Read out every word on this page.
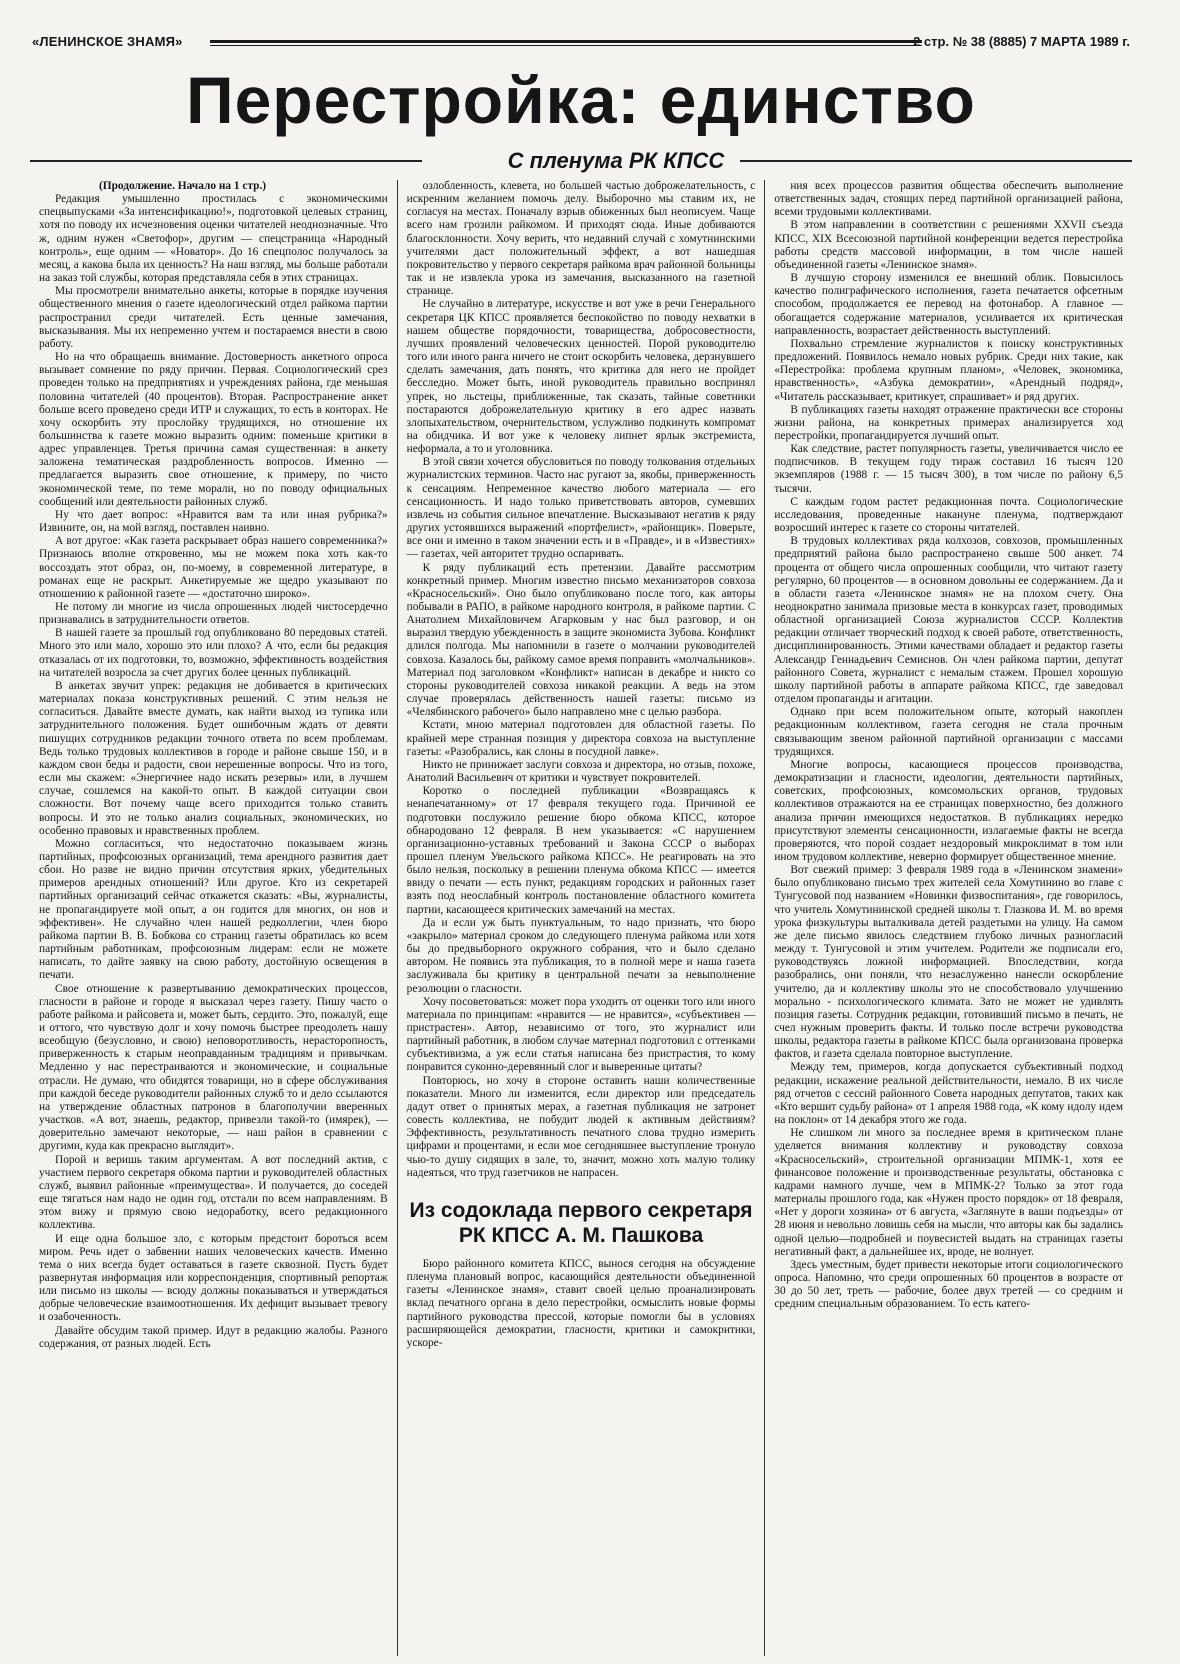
«ЛЕНИНСКОЕ ЗНАМЯ»	2 стр. № 38 (8885) 7 МАРТА 1989 г.
Перестройка: единство
С пленума РК КПСС

(Продолжение. Начало на 1 стр.)

Редакция умышленно простилась с экономическими спецвыпусками «За интенсификацию!», подготовкой целевых страниц, хотя по поводу их исчезновения оценки читателей неоднозначные. Что ж, одним нужен «Светофор», другим — спецстраница «Народный контроль», еще одним — «Новатор». До 16 спецполос получалось за месяц, а какова была их ценность? На наш взгляд, мы больше работали на заказ той службы, которая представляла себя в этих страницах.

Мы просмотрели внимательно анкеты, которые в порядке изучения общественного мнения о газете идеологический отдел райкома партии распространил среди читателей. Есть ценные замечания, высказывания. Мы их непременно учтем и постараемся внести в свою работу.

Но на что обращаешь внимание. Достоверность анкетного опроса вызывает сомнение по ряду причин. Первая. Социологический срез проведен только на предприятиях и учреждениях района, где меньшая половина читателей (40 процентов). Вторая. Распространение анкет больше всего проведено среди ИТР и служащих, то есть в конторах. Не хочу оскорбить эту прослойку трудящихся, но отношение их большинства к газете можно выразить одним: поменьше критики в адрес управленцев. Третья причина самая существенная: в анкету заложена тематическая раздробленность вопросов. Именно — предлагается выразить свое отношение, к примеру, по чисто экономической теме, по теме морали, но по поводу официальных сообщений или деятельности районных служб.

Ну что дает вопрос: «Нравится вам та или иная рубрика?» Извините, он, на мой взгляд, поставлен наивно.

А вот другое: «Как газета раскрывает образ нашего современника?» Признаюсь вполне откровенно, мы не можем пока хоть как-то воссоздать этот образ, он, по-моему, в современной литературе, в романах еще не раскрыт. Анкетируемые же щедро указывают по отношению к районной газете — «достаточно широко».

Не потому ли многие из числа опрошенных людей чистосердечно признавались в затруднительности ответов.

В нашей газете за прошлый год опубликовано 80 передовых статей. Много это или мало, хорошо это или плохо? А что, если бы редакция отказалась от их подготовки, то, возможно, эффективность воздействия на читателей возросла за счет других более ценных публикаций.

В анкетах звучит упрек: редакция не добивается в критических материалах показа конструктивных решений. С этим нельзя не согласиться. Давайте вместе думать, как найти выход из тупика или затруднительного положения. Будет ошибочным ждать от девяти пишущих сотрудников редакции точного ответа по всем проблемам. Ведь только трудовых коллективов в городе и районе свыше 150, и в каждом свои беды и радости, свои нерешенные вопросы. Что из того, если мы скажем: «Энергичнее надо искать резервы» или, в лучшем случае, сошлемся на какой-то опыт. В каждой ситуации свои сложности. Вот почему чаще всего приходится только ставить вопросы. И это не только анализ социальных, экономических, но особенно правовых и нравственных проблем.

Можно согласиться, что недостаточно показываем жизнь партийных, профсоюзных организаций, тема арендного развития дает сбои. Но разве не видно причин отсутствия ярких, убедительных примеров арендных отношений? Или другое. Кто из секретарей партийных организаций сейчас откажется сказать: «Вы, журналисты, не пропагандируете мой опыт, а он годится для многих, он нов и эффективен». Не случайно член нашей редколлегии, член бюро райкома партии В. В. Бобкова со страниц газеты обратилась ко всем партийным работникам, профсоюзным лидерам: если не можете написать, то дайте заявку на свою работу, достойную освещения в печати.

Свое отношение к развертыванию демократических процессов, гласности в районе и городе я высказал через газету. Пишу часто о работе райкома и райсовета и, может быть, сердито. Это, пожалуй, еще и оттого, что чувствую долг и хочу помочь быстрее преодолеть нашу всеобщую (безусловно, и свою) неповоротливость, нерасторопность, приверженность к старым неоправданным традициям и привычкам. Медленно у нас перестраиваются и экономические, и социальные отрасли. Не думаю, что обидятся товарищи, но в сфере обслуживания при каждой беседе руководители районных служб то и дело ссылаются на утверждение областных патронов в благополучии вверенных участков. «А вот, знаешь, редактор, привезли такой-то (имярек), — доверительно замечают некоторые, — наш район в сравнении с другими, куда как прекрасно выглядит».

Порой и веришь таким аргументам. А вот последний актив, с участием первого секретаря обкома партии и руководителей областных служб, выявил районные «преимущества». И получается, до соседей еще тягаться нам надо не один год, отстали по всем направлениям. В этом вижу и прямую свою недоработку, всего редакционного коллектива.

И еще одна большое зло, с которым предстоит бороться всем миром. Речь идет о забвении наших человеческих качеств. Именно тема о них всегда будет оставаться в газете сквозной. Пусть будет развернутая информация или корреспонденция, спортивный репортаж или письмо из школы — всюду должны показываться и утверждаться добрые человеческие взаимоотношения. Их дефицит вызывает тревогу и озабоченность.

Давайте обсудим такой пример. Идут в редакцию жалобы. Разного содержания, от разных людей. Есть

озлобленность, клевета, но большей частью доброжелательность, с искренним желанием помочь делу. Выборочно мы ставим их, не согласуя на местах. Поначалу взрыв обиженных был неописуем. Чаще всего нам грозили райкомом. И приходят сюда. Иные добиваются благосклонности. Хочу верить, что недавний случай с хомутнинскими учителями даст положительный эффект, а вот нашедшая покровительство у первого секретаря райкома врач районной больницы так и не извлекла урока из замечания, высказанного на газетной странице.

Не случайно в литературе, искусстве и вот уже в речи Генерального секретаря ЦК КПСС проявляется беспокойство по поводу нехватки в нашем обществе порядочности, товарищества, добросовестности, лучших проявлений человеческих ценностей. Порой руководителю того или иного ранга ничего не стоит оскорбить человека, дерзнувшего сделать замечания, дать понять, что критика для него не пройдет бесследно. Может быть, иной руководитель правильно воспринял упрек, но льстецы, приближенные, так сказать, тайные советники постараются доброжелательную критику в его адрес назвать злопыхательством, очернительством, услужливо подкинуть компромат на обидчика. И вот уже к человеку липнет ярлык экстремиста, неформала, а то и уголовника.

В этой связи хочется обусловиться по поводу толкования отдельных журналистских терминов. Часто нас ругают за, якобы, приверженность к сенсациям. Непременное качество любого материала — его сенсационность. И надо только приветствовать авторов, сумевших извлечь из события сильное впечатление. Высказывают негатив к ряду других устоявшихся выражений «портфелист», «районщик». Поверьте, все они и именно в таком значении есть и в «Правде», и в «Известиях» — газетах, чей авторитет трудно оспаривать.

К ряду публикаций есть претензии. Давайте рассмотрим конкретный пример. Многим известно письмо механизаторов совхоза «Красносельский». Оно было опубликовано после того, как авторы побывали в РАПО, в райкоме народного контроля, в райкоме партии. С Анатолием Михайловичем Агарковым у нас был разговор, и он выразил твердую убежденность в защите экономиста Зубова. Конфликт длился полгода. Мы напомнили в газете о молчании руководителей совхоза. Казалось бы, райкому самое время поправить «молчальников». Материал под заголовком «Конфликт» написан в декабре и никто со стороны руководителей совхоза никакой реакции. А ведь на этом случае проверялась действенность нашей газеты: письмо из «Челябинского рабочего» было направлено мне с целью разбора.

Кстати, мною материал подготовлен для областной газеты. По крайней мере странная позиция у директора совхоза на выступление газеты: «Разобрались, как слоны в посудной лавке».

Никто не принижает заслуги совхоза и директора, но отзыв, похоже, Анатолий Васильевич от критики и чувствует покровителей.

Коротко о последней публикации «Возвращаясь к ненапечатанному» от 17 февраля текущего года. Причиной ее подготовки послужило решение бюро обкома КПСС, которое обнародовано 12 февраля. В нем указывается: «С нарушением организационно-уставных требований и Закона СССР о выборах прошел пленум Увельского райкома КПСС». Не реагировать на это было нельзя, поскольку в решении пленума обкома КПСС — имеется ввиду о печати — есть пункт, редакциям городских и районных газет взять под неослабный контроль постановление областного комитета партии, касающееся критических замечаний на местах.

Да и если уж быть пунктуальным, то надо признать, что бюро «закрыло» материал сроком до следующего пленума райкома или хотя бы до предвыборного окружного собрания, что и было сделано автором. Не появись эта публикация, то в полной мере и наша газета заслуживала бы критику в центральной печати за невыполнение резолюции о гласности.

Хочу посоветоваться: может пора уходить от оценки того или иного материала по принципам: «нравится — не нравится», «субъективен — пристрастен». Автор, независимо от того, это журналист или партийный работник, в любом случае материал подготовил с оттенками субъективизма, а уж если статья написана без пристрастия, то кому понравится суконно-деревянный слог и выверенные цитаты?

Повторюсь, но хочу в стороне оставить наши количественные показатели. Много ли изменится, если директор или председатель дадут ответ о принятых мерах, а газетная публикация не затронет совесть коллектива, не побудит людей к активным действиям? Эффективность, результативность печатного слова трудно измерить цифрами и процентами, и если мое сегодняшнее выступление тронуло чью-то душу сидящих в зале, то, значит, можно хоть малую толику надеяться, что труд газетчиков не напрасен.

Из содоклада первого секретаря РК КПСС А. М. Пашкова

Бюро районного комитета КПСС, вынося сегодня на обсуждение пленума плановый вопрос, касающийся деятельности объединенной газеты «Ленинское знамя», ставит своей целью проанализировать вклад печатного органа в дело перестройки, осмыслить новые формы партийного руководства прессой, которые помогли бы в условиях расширяющейся демократии, гласности, критики и самокритики, ускоре-

ния всех процессов развития общества обеспечить выполнение ответственных задач, стоящих перед партийной организацией района, всеми трудовыми коллективами.

В этом направлении в соответствии с решениями XXVII съезда КПСС, XIX Всесоюзной партийной конференции ведется перестройка работы средств массовой информации, в том числе нашей объединенной газеты «Ленинское знамя».

В лучшую сторону изменился ее внешний облик. Повысилось качество полиграфического исполнения, газета печатается офсетным способом, продолжается ее перевод на фотонабор. А главное — обогащается содержание материалов, усиливается их критическая направленность, возрастает действенность выступлений.

Похвально стремление журналистов к поиску конструктивных предложений. Появилось немало новых рубрик. Среди них такие, как «Перестройка: проблема крупным планом», «Человек, экономика, нравственность», «Азбука демократии», «Арендный подряд», «Читатель рассказывает, критикует, спрашивает» и ряд других.

В публикациях газеты находят отражение практически все стороны жизни района, на конкретных примерах анализируется ход перестройки, пропагандируется лучший опыт.

Как следствие, растет популярность газеты, увеличивается число ее подписчиков. В текущем году тираж составил 16 тысяч 120 экземпляров (1988 г. — 15 тысяч 300), в том числе по району 6,5 тысячи.

С каждым годом растет редакционная почта. Социологические исследования, проведенные накануне пленума, подтверждают возросший интерес к газете со стороны читателей.

В трудовых коллективах ряда колхозов, совхозов, промышленных предприятий района было распространено свыше 500 анкет. 74 процента от общего числа опрошенных сообщили, что читают газету регулярно, 60 процентов — в основном довольны ее содержанием. Да и в области газета «Ленинское знамя» не на плохом счету. Она неоднократно занимала призовые места в конкурсах газет, проводимых областной организацией Союза журналистов СССР. Коллектив редакции отличает творческий подход к своей работе, ответственность, дисциплинированность. Этими качествами обладает и редактор газеты Александр Геннадьевич Семиснов. Он член райкома партии, депутат районного Совета, журналист с немалым стажем. Прошел хорошую школу партийной работы в аппарате райкома КПСС, где заведовал отделом пропаганды и агитации.

Однако при всем положительном опыте, который накоплен редакционным коллективом, газета сегодня не стала прочным связывающим звеном районной партийной организации с массами трудящихся.

Многие вопросы, касающиеся процессов производства, демократизации и гласности, идеологии, деятельности партийных, советских, профсоюзных, комсомольских органов, трудовых коллективов отражаются на ее страницах поверхностно, без должного анализа причин имеющихся недостатков. В публикациях нередко присутствуют элементы сенсационности, излагаемые факты не всегда проверяются, что порой создает нездоровый микроклимат в том или ином трудовом коллективе, неверно формирует общественное мнение.

Вот свежий пример: 3 февраля 1989 года в «Ленинском знамени» было опубликовано письмо трех жителей села Хомутинино во главе с Тунгусовой под названием «Новинки физвоспитания», где говорилось, что учитель Хомутининской средней школы т. Глазкова И. М. во время урока физкультуры выталкивала детей раздетыми на улицу. На самом же деле письмо явилось следствием глубоко личных разногласий между т. Тунгусовой и этим учителем. Родители же подписали его, руководствуясь ложной информацией. Впоследствии, когда разобрались, они поняли, что незаслуженно нанесли оскорбление учителю, да и коллективу школы это не способствовало улучшению морально - психологического климата. Зато не может не удивлять позиция газеты. Сотрудник редакции, готовивший письмо в печать, не счел нужным проверить факты. И только после встречи руководства школы, редактора газеты в райкоме КПСС была организована проверка фактов, и газета сделала повторное выступление.

Между тем, примеров, когда допускается субъективный подход редакции, искажение реальной действительности, немало. В их числе ряд отчетов с сессий районного Совета народных депутатов, таких как «Кто вершит судьбу района» от 1 апреля 1988 года, «К кому идолу идем на поклон» от 14 декабря этого же года.

Не слишком ли много за последнее время в критическом плане уделяется внимания коллективу и руководству совхоза «Красносельский», строительной организации МПМК-1, хотя ее финансовое положение и производственные результаты, обстановка с кадрами намного лучше, чем в МПМК-2? Только за этот года материалы прошлого года, как «Нужен просто порядок» от 18 февраля, «Нет у дороги хозяина» от 6 августа, «Заглянуте в ваши подъезды» от 28 июня и невольно ловишь себя на мысли, что авторы как бы задались одной целью—подробней и поувесистей выдать на страницах газеты негативный факт, а дальнейшее их, вроде, не волнует.

Здесь уместным, будет привести некоторые итоги социологического опроса. Напомню, что среди опрошенных 60 процентов в возрасте от 30 до 50 лет, треть — рабочие, более двух третей — со средним и средним специальным образованием. То есть катего-
